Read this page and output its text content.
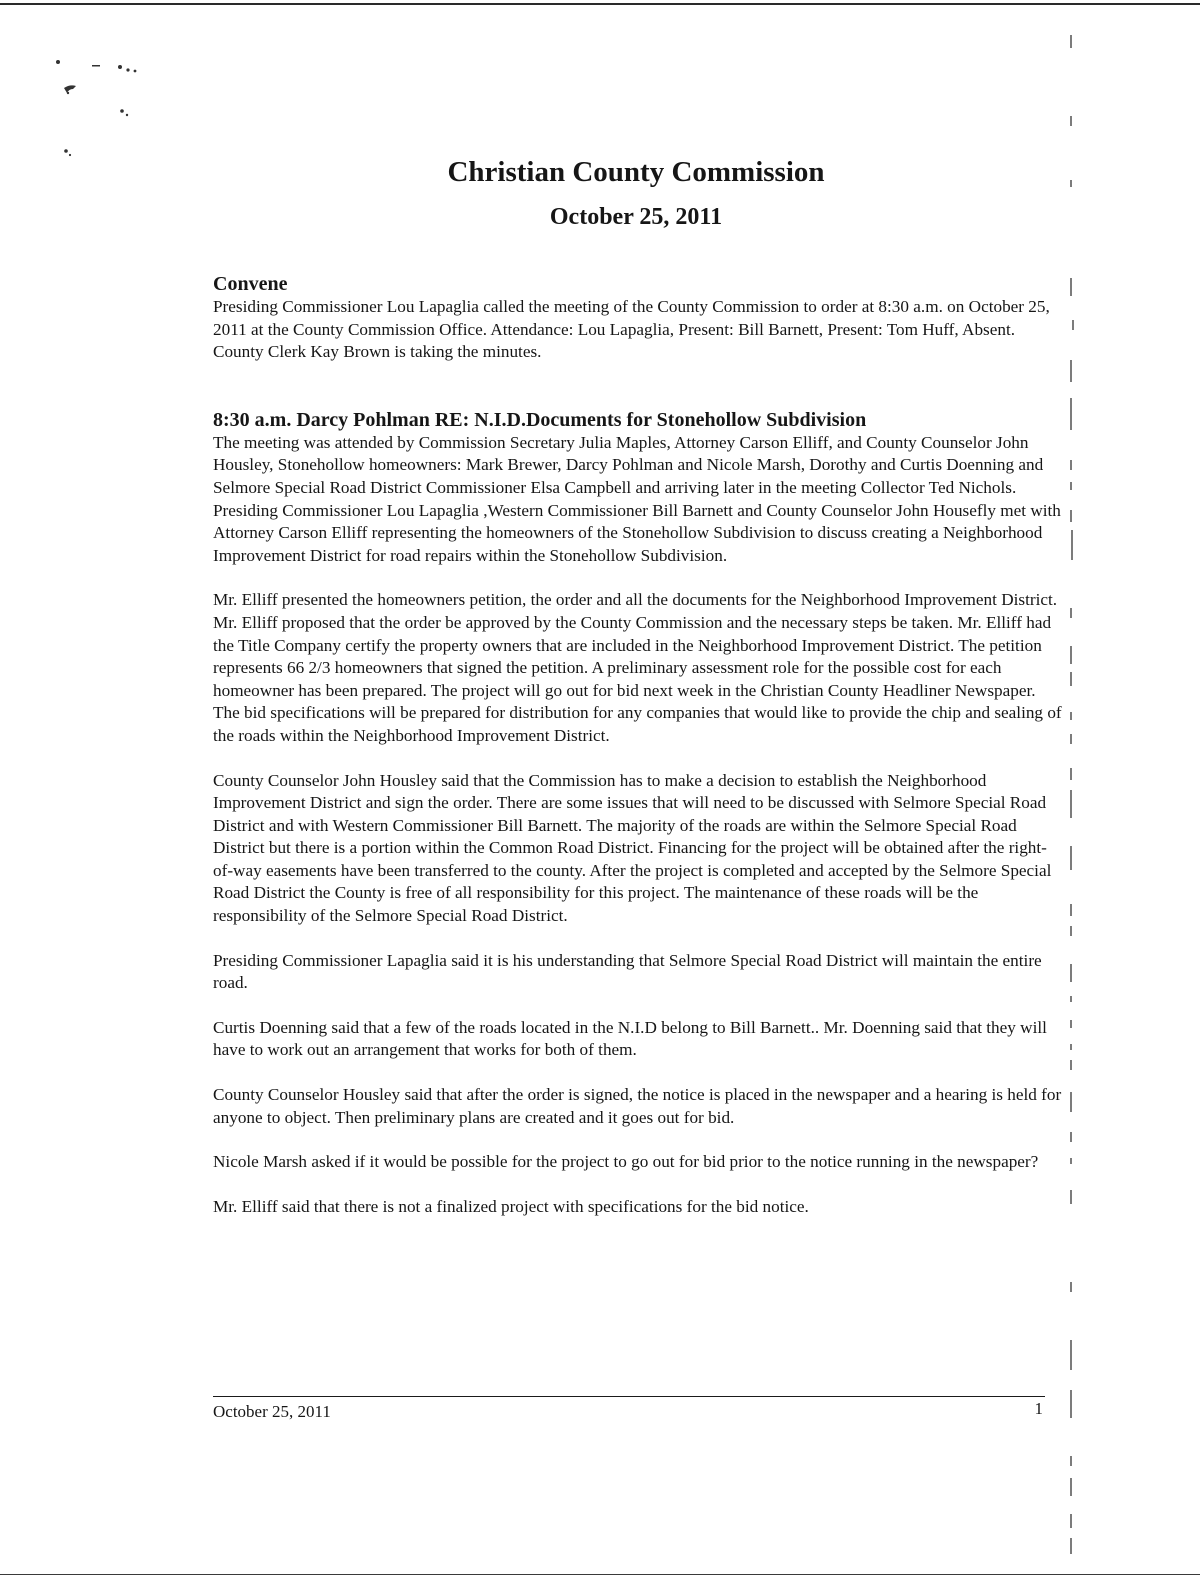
Christian County Commission
October 25, 2011
Convene

Presiding Commissioner Lou Lapaglia called the meeting of the County Commission to order at 8:30 a.m. on October 25, 2011 at the County Commission Office. Attendance: Lou Lapaglia, Present: Bill Barnett, Present: Tom Huff, Absent. County Clerk Kay Brown is taking the minutes.

8:30 a.m. Darcy Pohlman RE: N.I.D.Documents for Stonehollow Subdivision

The meeting was attended by Commission Secretary Julia Maples, Attorney Carson Elliff, and County Counselor John Housley, Stonehollow homeowners: Mark Brewer, Darcy Pohlman and Nicole Marsh, Dorothy and Curtis Doenning and Selmore Special Road District Commissioner Elsa Campbell and arriving later in the meeting Collector Ted Nichols.

Presiding Commissioner Lou Lapaglia ,Western Commissioner Bill Barnett and County Counselor John Housefly met with Attorney Carson Elliff representing the homeowners of the Stonehollow Subdivision to discuss creating a Neighborhood Improvement District for road repairs within the Stonehollow Subdivision.

Mr. Elliff presented the homeowners petition, the order and all the documents for the Neighborhood Improvement District. Mr. Elliff proposed that the order be approved by the County Commission and the necessary steps be taken. Mr. Elliff had the Title Company certify the property owners that are included in the Neighborhood Improvement District. The petition represents 66 2/3 homeowners that signed the petition. A preliminary assessment role for the possible cost for each homeowner has been prepared. The project will go out for bid next week in the Christian County Headliner Newspaper. The bid specifications will be prepared for distribution for any companies that would like to provide the chip and sealing of the roads within the Neighborhood Improvement District.

County Counselor John Housley said that the Commission has to make a decision to establish the Neighborhood Improvement District and sign the order. There are some issues that will need to be discussed with Selmore Special Road District and with Western Commissioner Bill Barnett. The majority of the roads are within the Selmore Special Road District but there is a portion within the Common Road District. Financing for the project will be obtained after the right-of-way easements have been transferred to the county. After the project is completed and accepted by the Selmore Special Road District the County is free of all responsibility for this project. The maintenance of these roads will be the responsibility of the Selmore Special Road District.

Presiding Commissioner Lapaglia said it is his understanding that Selmore Special Road District will maintain the entire road.

Curtis Doenning said that a few of the roads located in the N.I.D belong to Bill Barnett.. Mr. Doenning said that they will have to work out an arrangement that works for both of them.

County Counselor Housley said that after the order is signed, the notice is placed in the newspaper and a hearing is held for anyone to object. Then preliminary plans are created and it goes out for bid.

Nicole Marsh asked if it would be possible for the project to go out for bid prior to the notice running in the newspaper?

Mr. Elliff said that there is not a finalized project with specifications for the bid notice.

October 25, 2011	1
